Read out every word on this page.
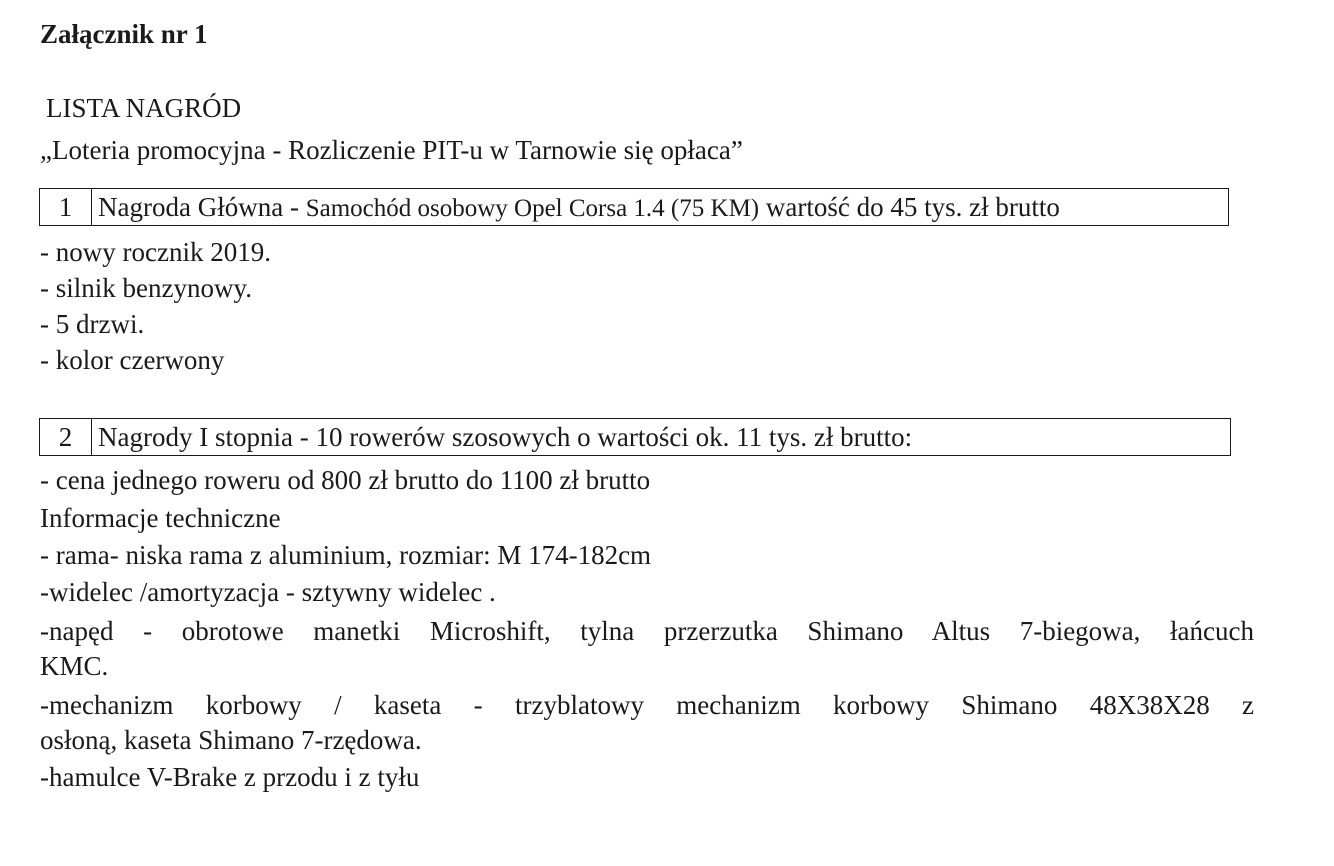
Załącznik nr 1
LISTA NAGRÓD
„Loteria promocyjna - Rozliczenie PIT-u w Tarnowie się opłaca”
1 Nagroda Główna - Samochód osobowy Opel Corsa 1.4 (75 KM) wartość do 45 tys. zł brutto
- nowy rocznik 2019.
- silnik benzynowy.
- 5 drzwi.
- kolor czerwony
2 Nagrody I stopnia - 10 rowerów szosowych o wartości ok. 11 tys. zł brutto:
- cena jednego roweru od 800 zł brutto do 1100 zł brutto
Informacje techniczne
- rama- niska rama z aluminium, rozmiar: M 174-182cm
-widelec /amortyzacja - sztywny widelec .
-napęd - obrotowe manetki Microshift, tylna przerzutka Shimano Altus 7-biegowa, łańcuch
KMC.
-mechanizm korbowy / kaseta - trzyblatowy mechanizm korbowy Shimano 48X38X28 z
osłoną, kaseta Shimano 7-rzędowa.
-hamulce V-Brake z przodu i z tyłu
